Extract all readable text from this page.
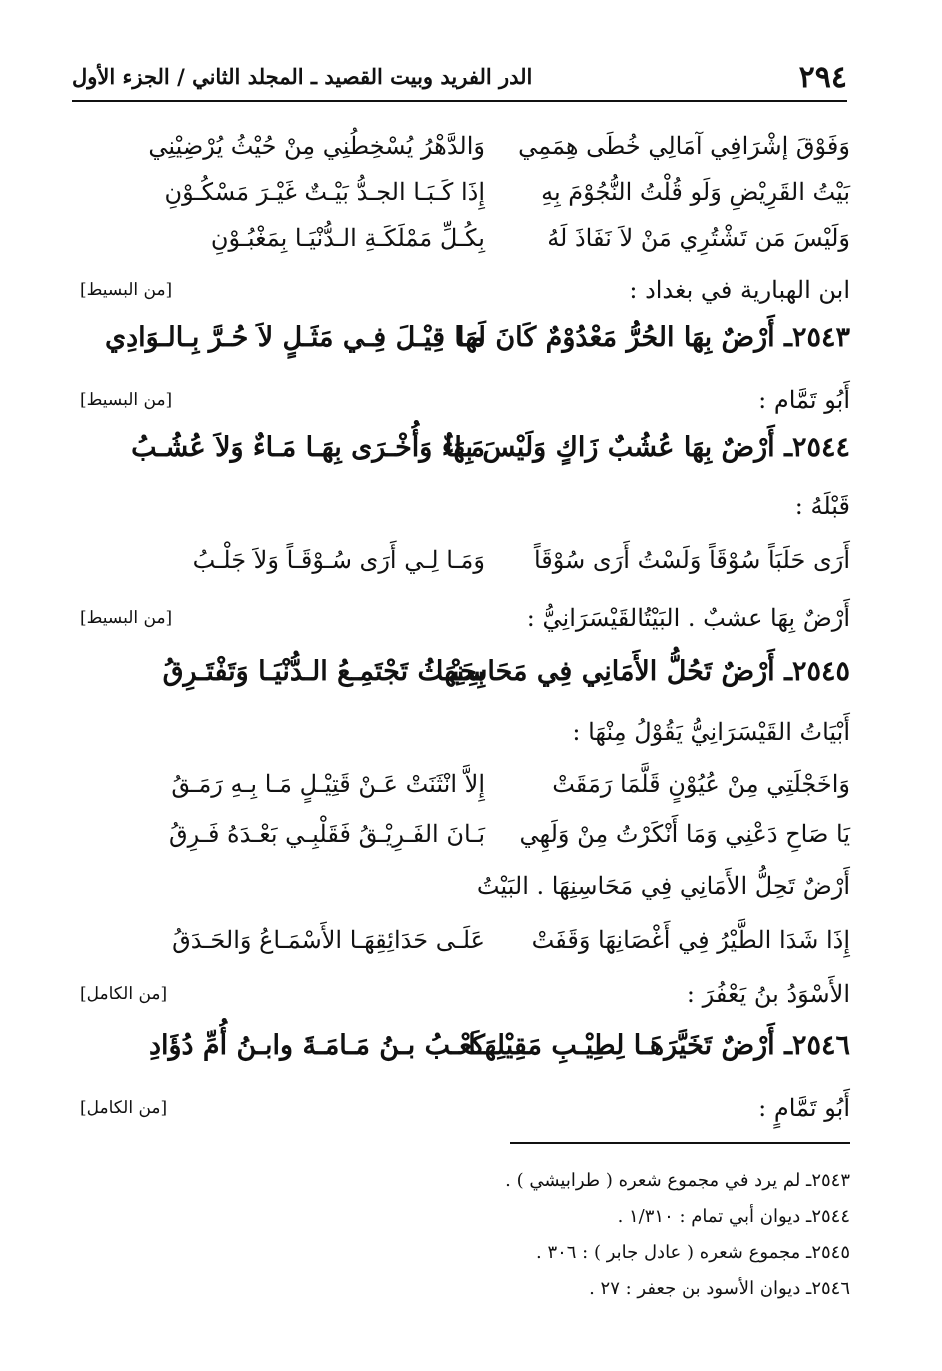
٢٩٤
الدر الفريد وبيت القصيد ـ المجلد الثاني / الجزء الأول
وَفَوْقَ إشْرَافِي آمَالِي خُطَى هِمَمِي
وَالدَّهْرُ يُسْخِطُنِي مِنْ حُيْثُ يُرْضِيْنِي
بَيْتُ القَرِيْضِ وَلَو قُلْتُ النُّجُوْمَ بِهِ
إِذَا كَـبَـا الجـدُّ بَيْـتٌ غَيْـرَ مَسْكُـوْنِ
وَلَيْسَ مَن تَشْتُرِي مَنْ لاَ نَفَاذَ لَهُ
بِكُـلِّ مَمْلَكَـةِ الـدُّنْيَـا بِمَغْبُـوْنِ
ابن الهبارية في بغداد :
[من البسيط]
٢٥٤٣ـ أَرْضٌ بِهَا الحُرُّ مَعْدُوْمٌ كَانَ لَهَا
مـا قِيْـلَ فِـي مَثَـلٍ لاَ حُـرَّ بِـالـوَادِي
أَبُو تَمَّام :
[من البسيط]
٢٥٤٤ـ أَرْضٌ بِهَا عُشُبٌ زَاكٍ وَلَيْسَ بِهَا
مَـاءٌ وَأُخْـرَى بِهَـا مَـاءٌ وَلاَ عُشُـبُ
قَبْلَهُ :
أَرَى حَلَبَاً سُوْقَاً وَلَسْتُ أَرَى سُوْقَاً
وَمَـا لِـي أَرَى سُـوْقَـاً وَلاَ جَلْـبُ
أَرْضٌ بِهَا عشبٌ . البَيْتُالقَيْسَرَانِيُّ :
[من البسيط]
٢٥٤٥ـ أَرْضٌ تَحُلُّ الأَمَانِي فِي مَحَاسِنِهَا
بِحَيْـثُ تَجْتَمِـعُ الـدُّنْيَـا وَتَفْتَـرِقُ
أَبْيَاتُ القَيْسَرَانِيُّ يَقُوْلُ مِنْهَا :
وَاخَجْلَتِي مِنْ عُيُوْنٍ قَلَّمَا رَمَقَتْ
إِلاَّ انْثَنَتْ عَـنْ قَتِيْـلٍ مَـا بِـهِ رَمَـقُ
يَا صَاحِ دَعْنِي وَمَا أَنْكَرْتُ مِنْ وَلَهِي
بَـانَ الفَـرِيْـقُ فَقَلْبِـي بَعْـدَهُ فَـرِقُ
أَرْضٌ تَحِلُّ الأَمَانِي فِي مَحَاسِنِهَا . البَيْتُ
إِذَا شَدَا الطَّيْرُ فِي أَغْصَانِهَا وَقَفَتْ
عَلَـى حَدَائِقِهَـا الأَسْمَـاعُ وَالحَـدَقُ
الأَسْوَدُ بنُ يَعْفُرَ :
[من الكامل]
٢٥٤٦ـ أَرْضٌ تَخَيَّرَهَـا لِطِيْـبِ مَقِيْلِهَـا
كَعْـبُ بـنُ مَـامَـةَ وابـنُ أُمِّ دُؤَادِ
أَبُو تَمَّامٍ :
[من الكامل]
٢٥٤٣ـ لم يرد في مجموع شعره ( طرابيشي ) .
٢٥٤٤ـ ديوان أبي تمام : ١/٣١٠ .
٢٥٤٥ـ مجموع شعره ( عادل جابر ) : ٣٠٦ .
٢٥٤٦ـ ديوان الأسود بن جعفر : ٢٧ .
